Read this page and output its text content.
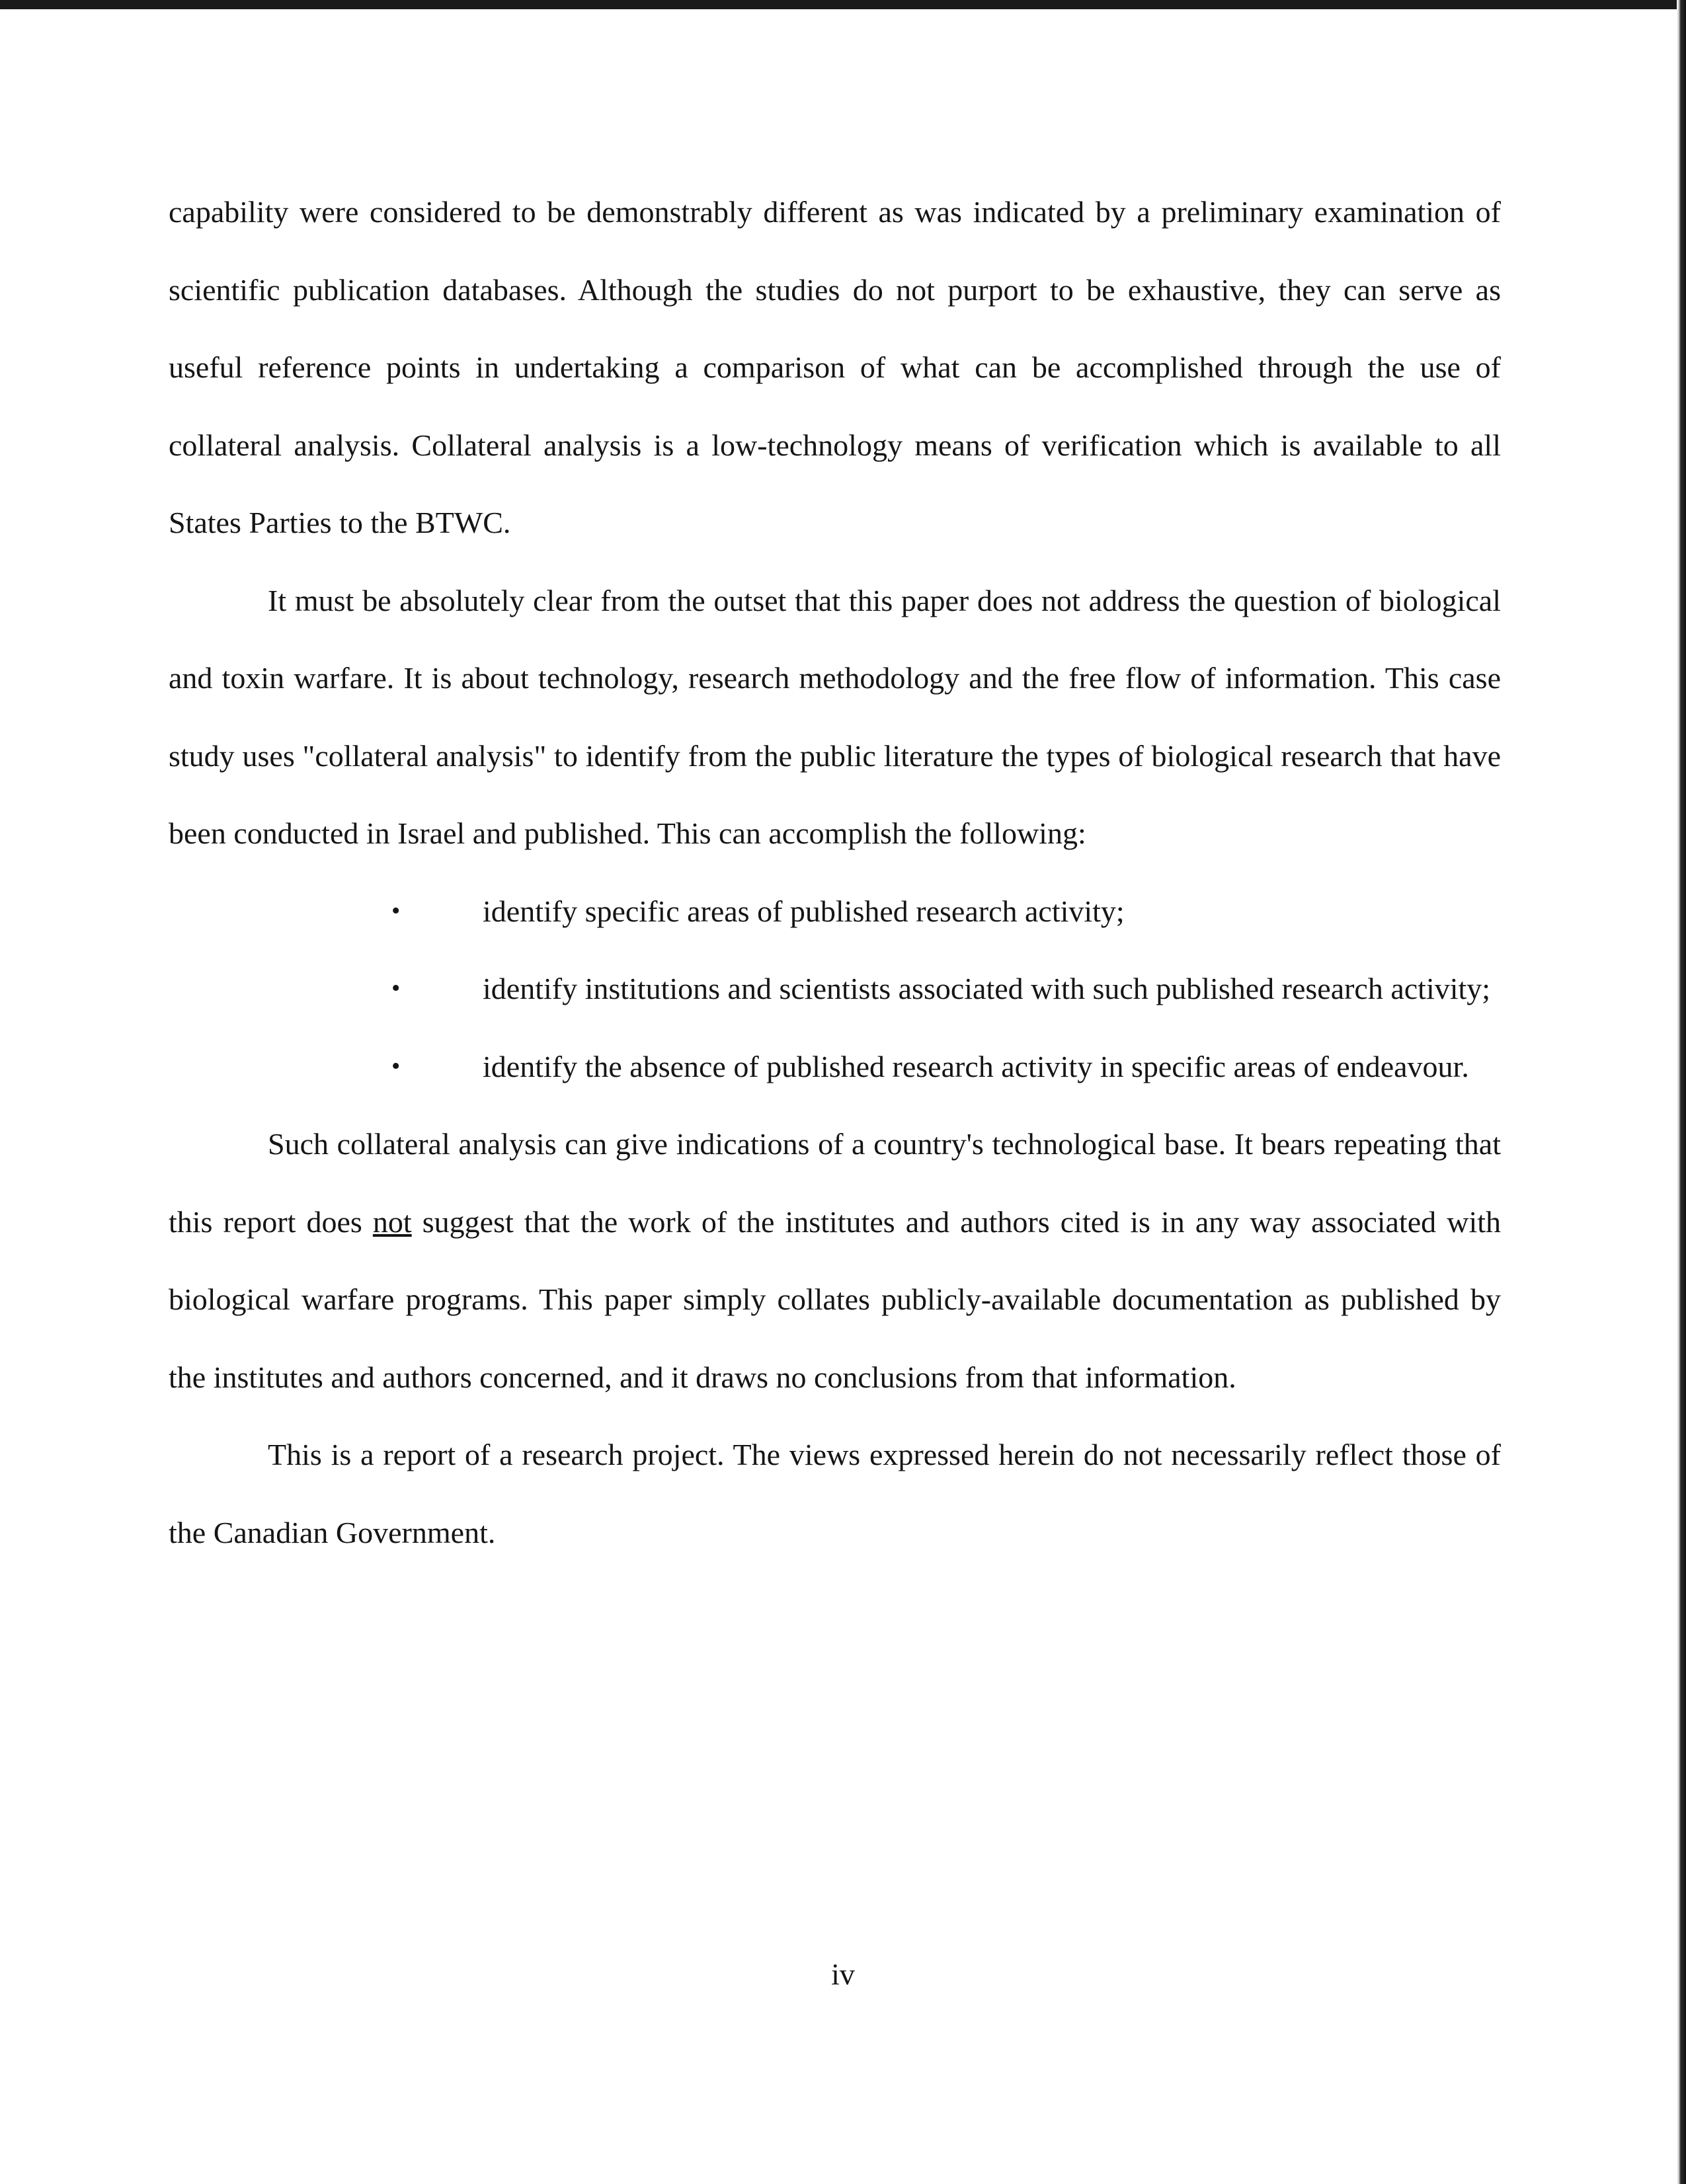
capability were considered to be demonstrably different as was indicated by a preliminary examination of scientific publication databases. Although the studies do not purport to be exhaustive, they can serve as useful reference points in undertaking a comparison of what can be accomplished through the use of collateral analysis. Collateral analysis is a low-technology means of verification which is available to all States Parties to the BTWC.

It must be absolutely clear from the outset that this paper does not address the question of biological and toxin warfare. It is about technology, research methodology and the free flow of information. This case study uses "collateral analysis" to identify from the public literature the types of biological research that have been conducted in Israel and published. This can accomplish the following:

•	identify specific areas of published research activity;
•	identify institutions and scientists associated with such published research activity;
•	identify the absence of published research activity in specific areas of endeavour.

Such collateral analysis can give indications of a country's technological base. It bears repeating that this report does not suggest that the work of the institutes and authors cited is in any way associated with biological warfare programs. This paper simply collates publicly-available documentation as published by the institutes and authors concerned, and it draws no conclusions from that information.

This is a report of a research project. The views expressed herein do not necessarily reflect those of the Canadian Government.

iv
